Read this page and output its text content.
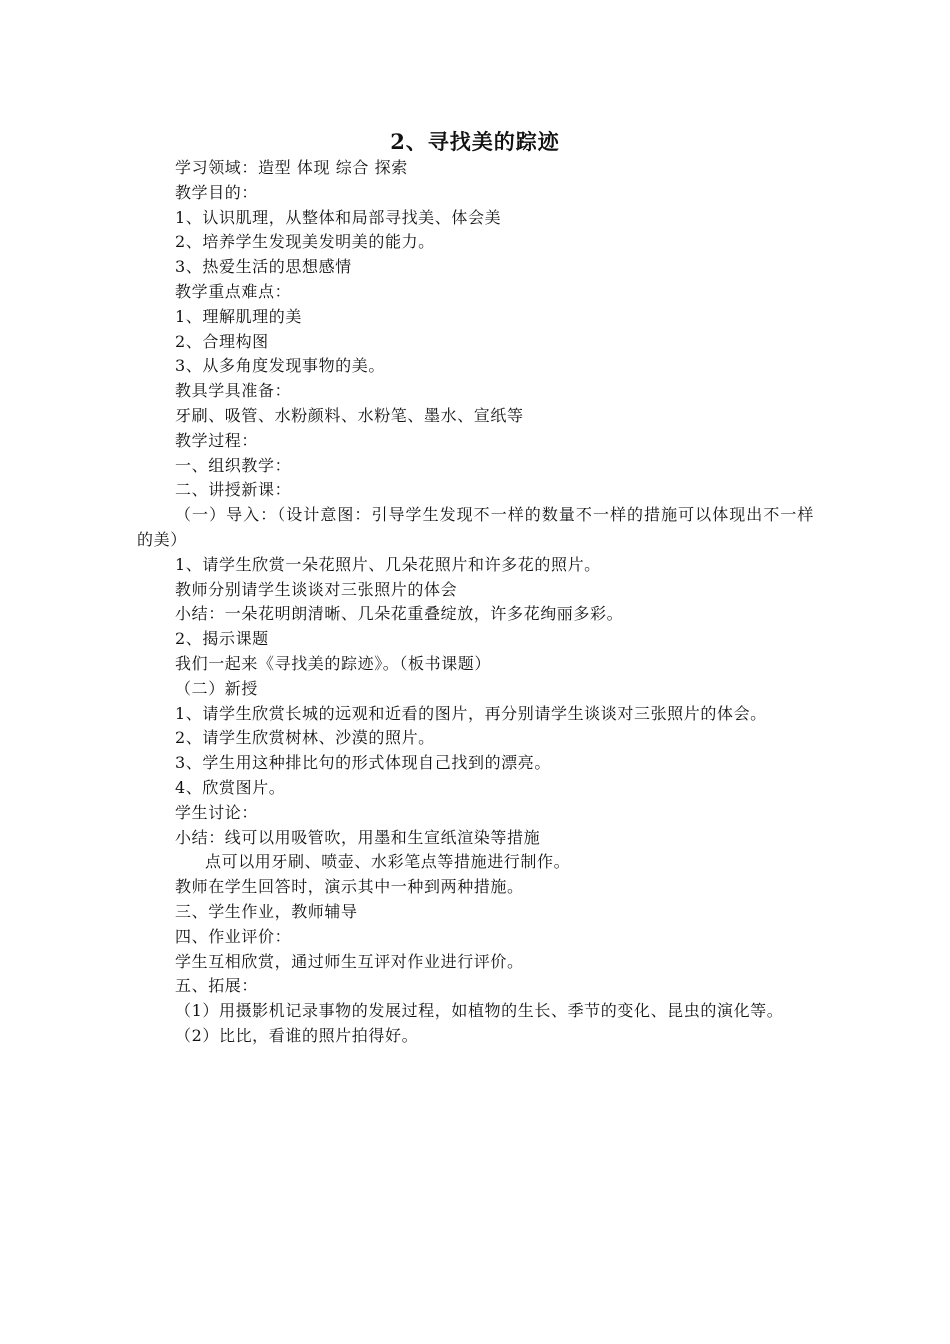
2、寻找美的踪迹

学习领域：造型 体现 综合 探索

教学目的：

1、认识肌理，从整体和局部寻找美、体会美

2、培养学生发现美发明美的能力。

3、热爱生活的思想感情

教学重点难点：

1、理解肌理的美

2、合理构图

3、从多角度发现事物的美。

教具学具准备：

牙刷、吸管、水粉颜料、水粉笔、墨水、宣纸等

教学过程：

一、组织教学：

二、讲授新课：

（一）导入：（设计意图：引导学生发现不一样的数量不一样的措施可以体现出不一样的美）

1、请学生欣赏一朵花照片、几朵花照片和许多花的照片。

教师分别请学生谈谈对三张照片的体会

小结：一朵花明朗清晰、几朵花重叠绽放，许多花绚丽多彩。

2、揭示课题

我们一起来《寻找美的踪迹》。（板书课题）

（二）新授

1、请学生欣赏长城的远观和近看的图片，再分别请学生谈谈对三张照片的体会。

2、请学生欣赏树林、沙漠的照片。

3、学生用这种排比句的形式体现自己找到的漂亮。

4、欣赏图片。

学生讨论：

小结：线可以用吸管吹，用墨和生宣纸渲染等措施

点可以用牙刷、喷壶、水彩笔点等措施进行制作。

教师在学生回答时，演示其中一种到两种措施。

三、学生作业，教师辅导

四、作业评价：

学生互相欣赏，通过师生互评对作业进行评价。

五、拓展：

（1）用摄影机记录事物的发展过程，如植物的生长、季节的变化、昆虫的演化等。

（2）比比，看谁的照片拍得好。
